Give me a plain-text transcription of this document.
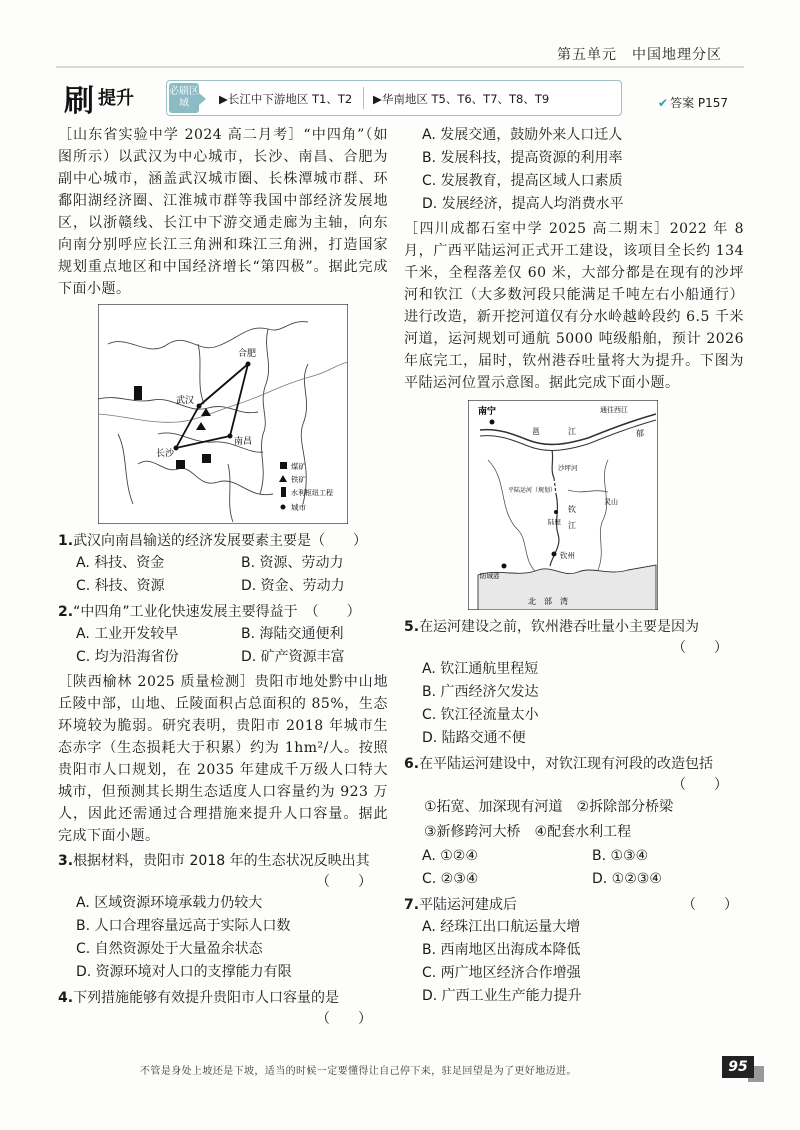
第五单元　中国地理分区
刷 提升	必刷区域	▶长江中下游地区 T1、T2 ▶华南地区 T5、T6、T7、T8、T9	✔ 答案 P157

［山东省实验中学 2024 高二月考］“中四角”（如图所示）以武汉为中心城市，长沙、南昌、合肥为副中心城市，涵盖武汉城市圈、长株潭城市群、环鄱阳湖经济圈、江淮城市群等我国中部经济发展地区，以浙赣线、长江中下游交通走廊为主轴，向东向南分别呼应长江三角洲和珠江三角洲，打造国家规划重点地区和中国经济增长“第四极”。据此完成下面小题。

合肥
武汉
南昌
长沙
煤矿
铁矿
水利枢纽工程
城市
1.武汉向南昌输送的经济发展要素主要是（　　）
A. 科技、资金	B. 资源、劳动力
C. 科技、资源	D. 资金、劳动力
2.“中四角”工业化快速发展主要得益于　（　　）
A. 工业开发较早	B. 海陆交通便利
C. 均为沿海省份	D. 矿产资源丰富

［陕西榆林 2025 质量检测］贵阳市地处黔中山地丘陵中部，山地、丘陵面积占总面积的 85%，生态环境较为脆弱。研究表明，贵阳市 2018 年城市生态赤字（生态损耗大于积累）约为 1hm²/人。按照贵阳市人口规划，在 2035 年建成千万级人口特大城市，但预测其长期生态适度人口容量约为 923 万人，因此还需通过合理措施来提升人口容量。据此完成下面小题。

3.根据材料，贵阳市 2018 年的生态状况反映出其
（　　）
A. 区域资源环境承载力仍较大
B. 人口合理容量远高于实际人口数
C. 自然资源处于大量盈余状态
D. 资源环境对人口的支撑能力有限
4.下列措施能够有效提升贵阳市人口容量的是
（　　）
A. 发展交通，鼓励外来人口迁人
B. 发展科技，提高资源的利用率
C. 发展教育，提高区域人口素质
D. 发展经济，提高人均消费水平

［四川成都石室中学 2025 高二期末］2022 年 8 月，广西平陆运河正式开工建设，该项目全长约 134 千米，全程落差仅 60 米，大部分都是在现有的沙坪河和钦江（大多数河段只能满足千吨左右小船通行）进行改造，新开挖河道仅有分水岭越岭段约 6.5 千米河道，运河规划可通航 5000 吨级船舶，预计 2026 年底完工，届时，钦州港吞吐量将大为提升。下图为平陆运河位置示意图。据此完成下面小题。

南宁
邕	江	郁
通往西江
沙坪河
平陆运河（规划）
陆屋
钦
江
灵山
钦州
防城港
北　部　湾
5.在运河建设之前，钦州港吞吐量小主要是因为
（　　）
A. 钦江通航里程短
B. 广西经济欠发达
C. 钦江径流量太小
D. 陆路交通不便
6.在平陆运河建设中，对钦江现有河段的改造包括
（　　）
①拓宽、加深现有河道　②拆除部分桥梁
③新修跨河大桥　④配套水利工程
A. ①②④	B. ①③④
C. ②③④	D. ①②③④
7.平陆运河建成后	（　　）
A. 经珠江出口航运量大增
B. 西南地区出海成本降低
C. 两广地区经济合作增强
D. 广西工业生产能力提升
不管是身处上坡还是下坡，适当的时候一定要懂得让自己停下来，驻足回望是为了更好地迈进。	95
